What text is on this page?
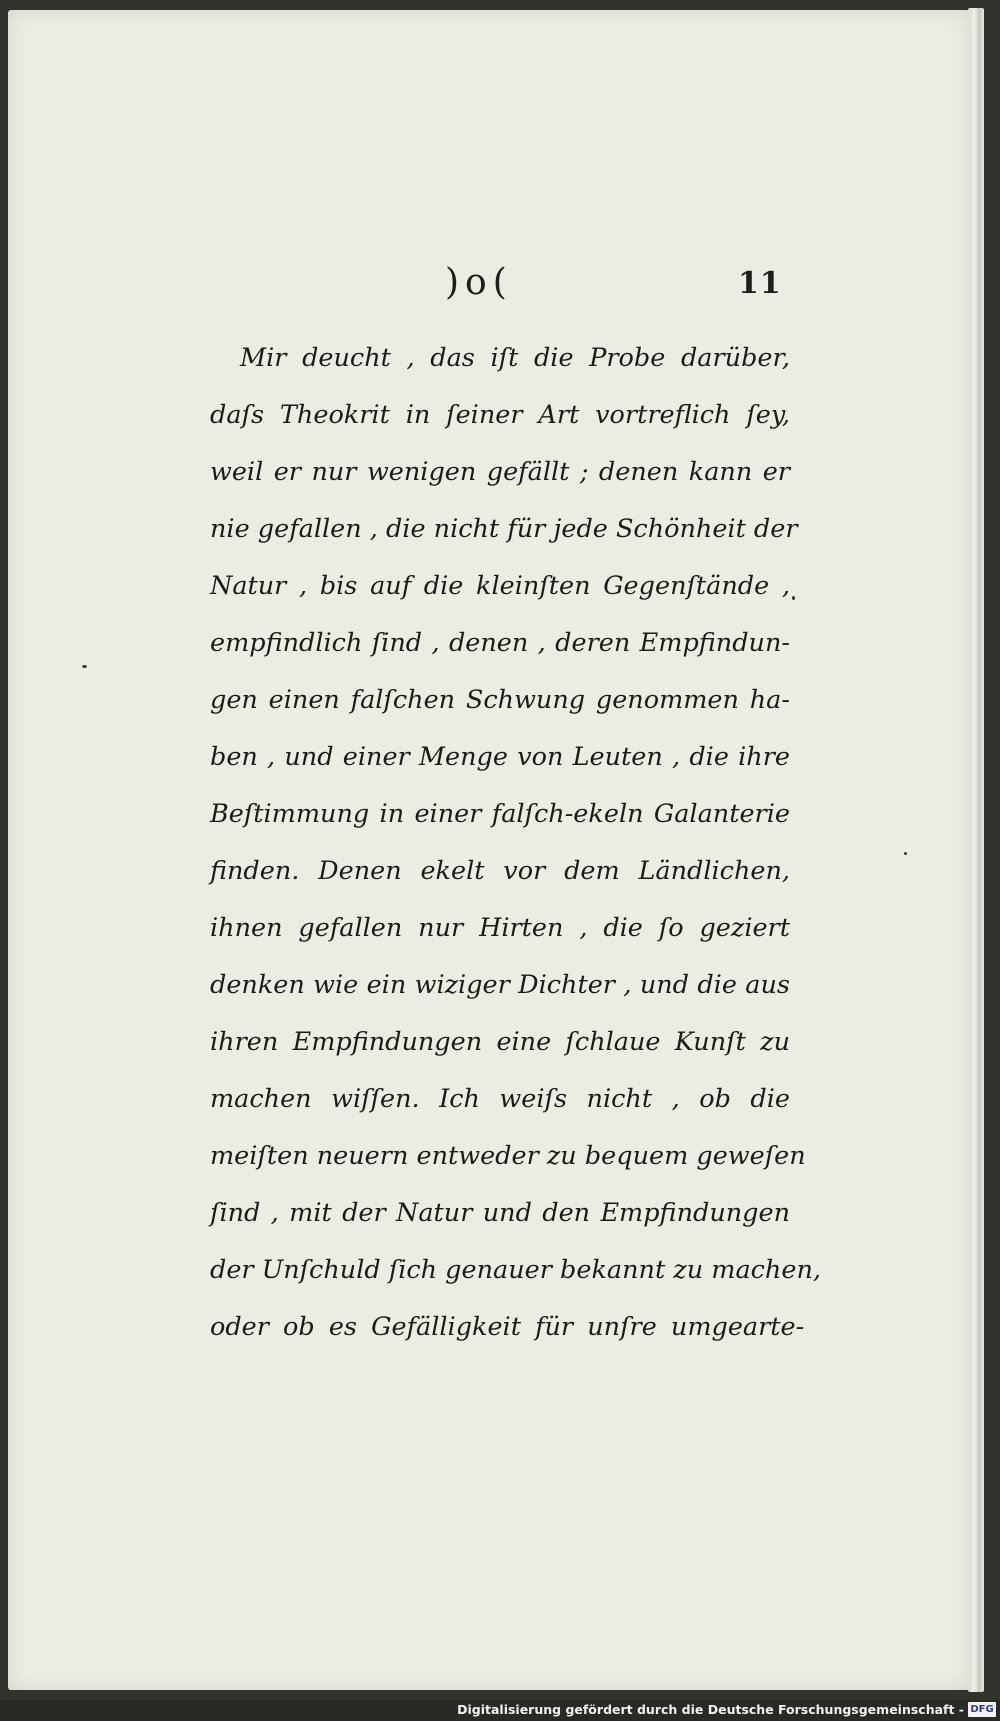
)o(	11
Mir deucht , das iſt die Probe darüber,
daſs Theokrit in ſeiner Art vortreflich ſey,
weil er nur wenigen gefällt ; denen kann er
nie gefallen , die nicht für jede Schönheit der
Natur , bis auf die kleinſten Gegenſtände ,
empfindlich ſind , denen , deren Empfindun-
gen einen falſchen Schwung genommen ha-
ben , und einer Menge von Leuten , die ihre
Beſtimmung in einer falſch-ekeln Galanterie
finden. Denen ekelt vor dem Ländlichen,
ihnen gefallen nur Hirten , die ſo geziert
denken wie ein wiziger Dichter , und die aus
ihren Empfindungen eine ſchlaue Kunſt zu
machen wiſſen. Ich weiſs nicht , ob die
meiſten neuern entweder zu bequem geweſen
ſind , mit der Natur und den Empfindungen
der Unſchuld ſich genauer bekannt zu machen,
oder ob es Gefälligkeit für unſre umgearte-
Digitalisierung gefördert durch die Deutsche Forschungsgemeinschaft - DFG
